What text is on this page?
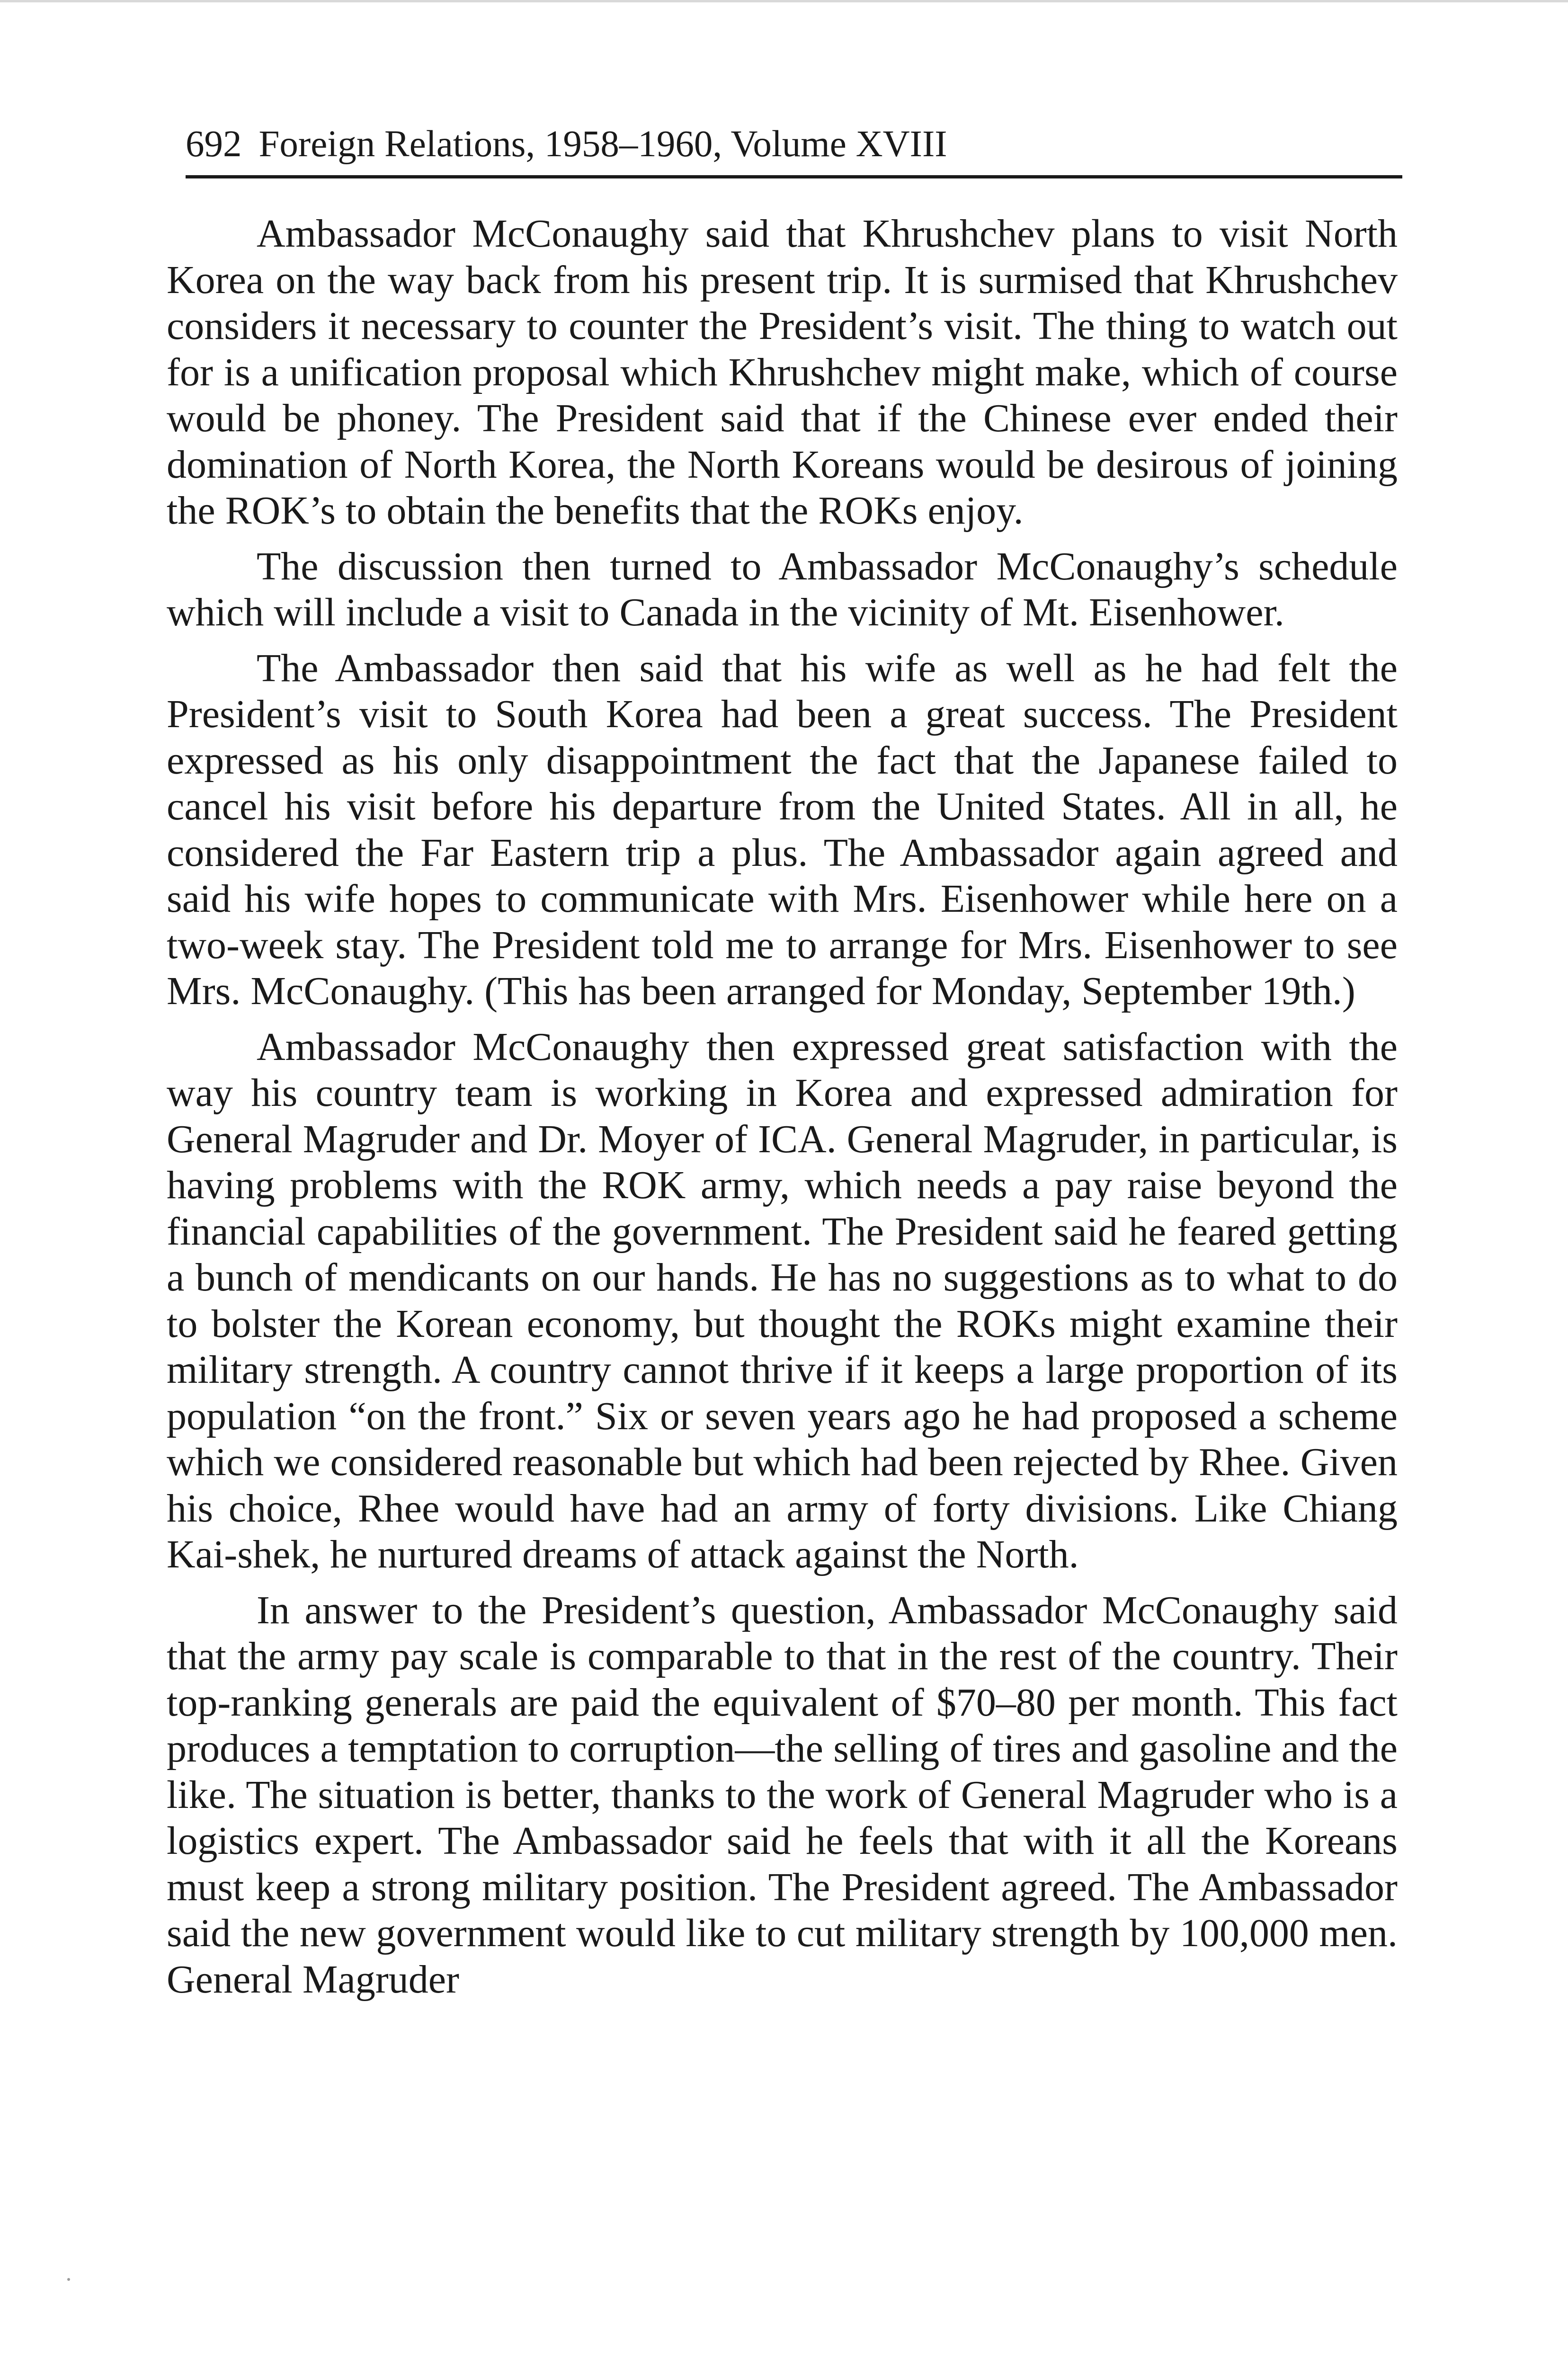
692 Foreign Relations, 1958–1960, Volume XVIII

Ambassador McConaughy said that Khrushchev plans to visit North Korea on the way back from his present trip. It is surmised that Khrushchev considers it necessary to counter the President’s visit. The thing to watch out for is a unification proposal which Khrushchev might make, which of course would be phoney. The President said that if the Chinese ever ended their domination of North Korea, the North Koreans would be desirous of joining the ROK’s to obtain the benefits that the ROKs enjoy.

The discussion then turned to Ambassador McConaughy’s schedule which will include a visit to Canada in the vicinity of Mt. Eisenhower.

The Ambassador then said that his wife as well as he had felt the President’s visit to South Korea had been a great success. The President expressed as his only disappointment the fact that the Japanese failed to cancel his visit before his departure from the United States. All in all, he considered the Far Eastern trip a plus. The Ambassador again agreed and said his wife hopes to communicate with Mrs. Eisenhower while here on a two-week stay. The President told me to arrange for Mrs. Eisenhower to see Mrs. McConaughy. (This has been arranged for Monday, September 19th.)

Ambassador McConaughy then expressed great satisfaction with the way his country team is working in Korea and expressed admiration for General Magruder and Dr. Moyer of ICA. General Magruder, in particular, is having problems with the ROK army, which needs a pay raise beyond the financial capabilities of the government. The President said he feared getting a bunch of mendicants on our hands. He has no suggestions as to what to do to bolster the Korean economy, but thought the ROKs might examine their military strength. A country cannot thrive if it keeps a large proportion of its population “on the front.” Six or seven years ago he had proposed a scheme which we considered reasonable but which had been rejected by Rhee. Given his choice, Rhee would have had an army of forty divisions. Like Chiang Kai-shek, he nurtured dreams of attack against the North.

In answer to the President’s question, Ambassador McConaughy said that the army pay scale is comparable to that in the rest of the country. Their top-ranking generals are paid the equivalent of $70–80 per month. This fact produces a temptation to corruption—the selling of tires and gasoline and the like. The situation is better, thanks to the work of General Magruder who is a logistics expert. The Ambassador said he feels that with it all the Koreans must keep a strong military position. The President agreed. The Ambassador said the new government would like to cut military strength by 100,000 men. General Magruder
